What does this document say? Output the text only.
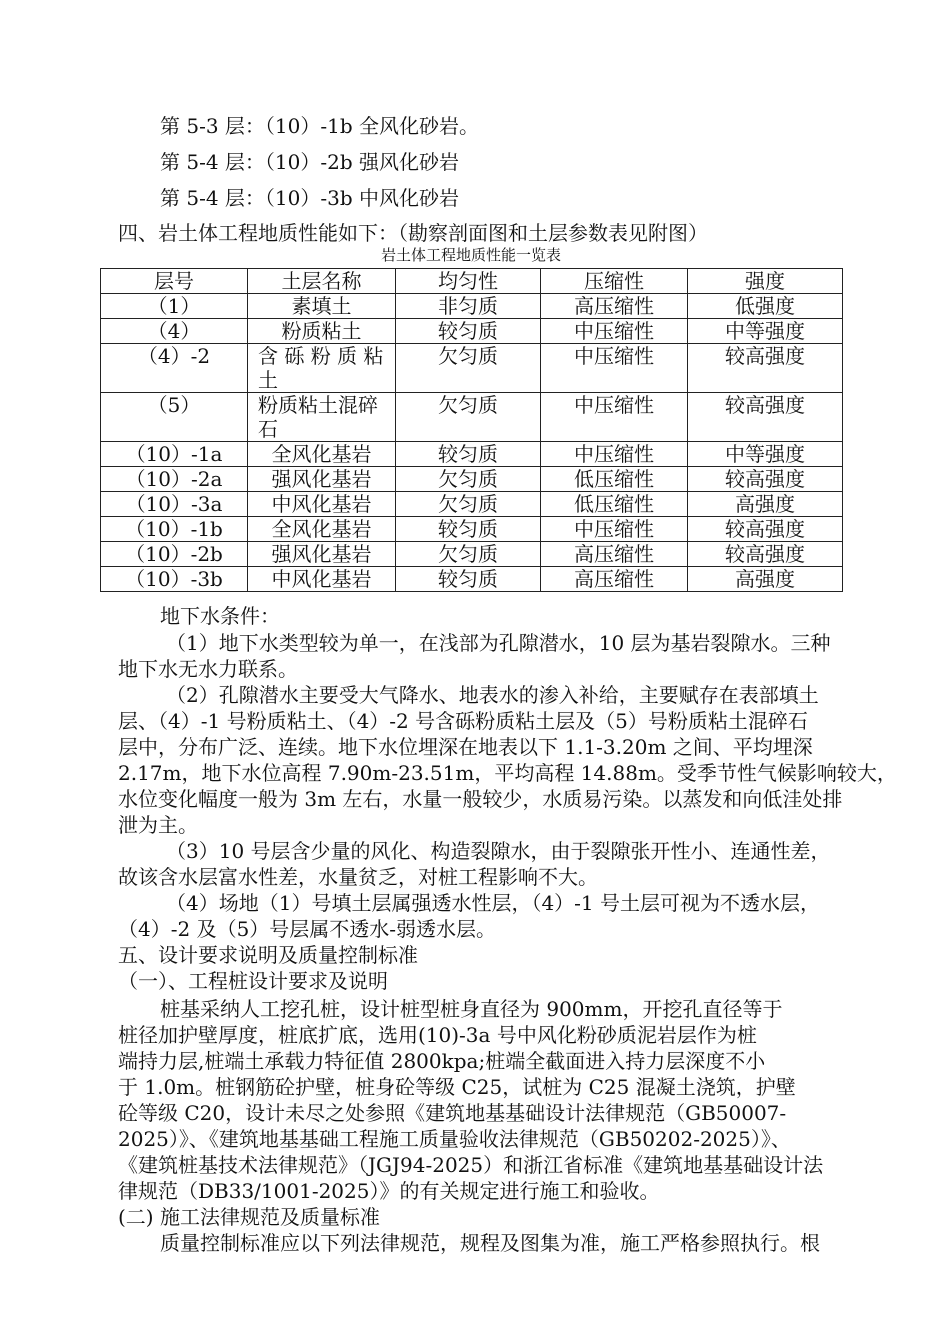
第 5-3 层：（10）-1b 全风化砂岩。
第 5-4 层：（10）-2b 强风化砂岩
第 5-4 层：（10）-3b 中风化砂岩
四、岩土体工程地质性能如下：（勘察剖面图和土层参数表见附图）
岩土体工程地质性能一览表
层号	土层名称	均匀性	压缩性	强度
（1）	素填土	非匀质	高压缩性	低强度
（4）	粉质粘土	较匀质	中压缩性	中等强度
（4）-2	含 砾 粉 质 粘 土	欠匀质	中压缩性	较高强度
（5）	粉质粘土混碎石	欠匀质	中压缩性	较高强度
（10）-1a	全风化基岩	较匀质	中压缩性	中等强度
（10）-2a	强风化基岩	欠匀质	低压缩性	较高强度
（10）-3a	中风化基岩	欠匀质	低压缩性	高强度
（10）-1b	全风化基岩	较匀质	中压缩性	较高强度
（10）-2b	强风化基岩	欠匀质	高压缩性	较高强度
（10）-3b	中风化基岩	较匀质	高压缩性	高强度
地下水条件：
（1）地下水类型较为单一，在浅部为孔隙潜水，10 层为基岩裂隙水。三种
地下水无水力联系。
（2）孔隙潜水主要受大气降水、地表水的渗入补给，主要赋存在表部填土
层、（4）-1 号粉质粘土、（4）-2 号含砾粉质粘土层及（5）号粉质粘土混碎石
层中，分布广泛、连续。地下水位埋深在地表以下 1.1-3.20m 之间、平均埋深
2.17m，地下水位高程 7.90m-23.51m，平均高程 14.88m。受季节性气候影响较大，
水位变化幅度一般为 3m 左右，水量一般较少，水质易污染。以蒸发和向低洼处排
泄为主。
（3）10 号层含少量的风化、构造裂隙水，由于裂隙张开性小、连通性差，
故该含水层富水性差，水量贫乏，对桩工程影响不大。
（4）场地（1）号填土层属强透水性层，（4）-1 号土层可视为不透水层，
（4）-2 及（5）号层属不透水-弱透水层。
五、设计要求说明及质量控制标准
（一）、工程桩设计要求及说明
桩基采纳人工挖孔桩，设计桩型桩身直径为 900mm，开挖孔直径等于
桩径加护壁厚度，桩底扩底，选用(10)-3a 号中风化粉砂质泥岩层作为桩
端持力层,桩端土承载力特征值 2800kpa;桩端全截面进入持力层深度不小
于 1.0m。桩钢筋砼护壁，桩身砼等级 C25，试桩为 C25 混凝土浇筑，护壁
砼等级 C20，设计未尽之处参照《建筑地基基础设计法律规范（GB50007-
2025）》、《建筑地基基础工程施工质量验收法律规范（GB50202-2025）》、
《建筑桩基技术法律规范》（JGJ94-2025）和浙江省标准《建筑地基基础设计法
律规范（DB33/1001-2025）》的有关规定进行施工和验收。
(二) 施工法律规范及质量标准
质量控制标准应以下列法律规范，规程及图集为准，施工严格参照执行。根
